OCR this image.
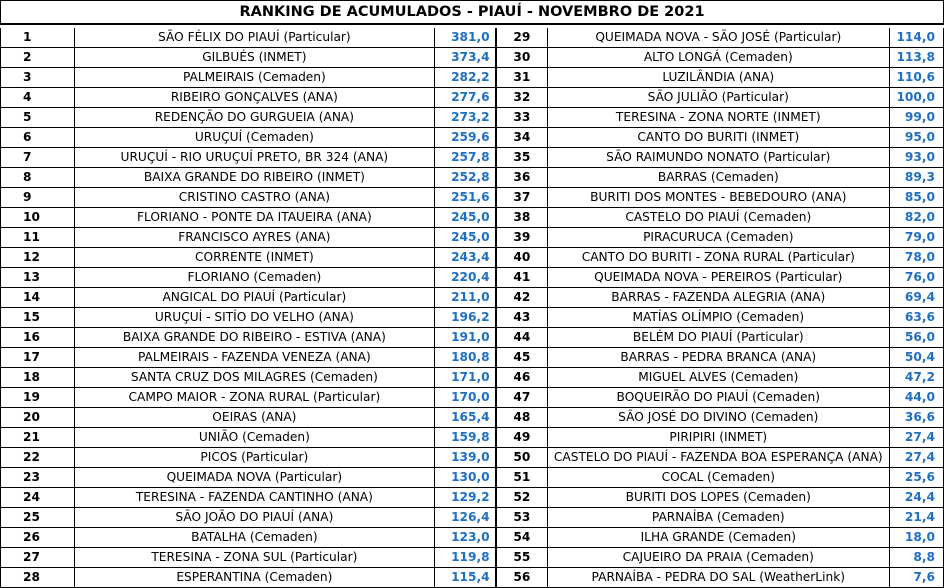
RANKING DE ACUMULADOS - PIAUÍ - NOVEMBRO DE 2021
1	SÃO FÉLIX DO PIAUÍ (Particular)	381,0	29	QUEIMADA NOVA - SÃO JOSÉ (Particular)	114,0
2	GILBUÉS (INMET)	373,4	30	ALTO LONGÁ (Cemaden)	113,8
3	PALMEIRAIS (Cemaden)	282,2	31	LUZILÂNDIA (ANA)	110,6
4	RIBEIRO GONÇALVES (ANA)	277,6	32	SÃO JULIÃO (Particular)	100,0
5	REDENÇÃO DO GURGUEIA (ANA)	273,2	33	TERESINA - ZONA NORTE (INMET)	99,0
6	URUÇUÍ (Cemaden)	259,6	34	CANTO DO BURITI (INMET)	95,0
7	URUÇUÍ - RIO URUÇUÍ PRETO, BR 324 (ANA)	257,8	35	SÃO RAIMUNDO NONATO (Particular)	93,0
8	BAIXA GRANDE DO RIBEIRO (INMET)	252,8	36	BARRAS (Cemaden)	89,3
9	CRISTINO CASTRO (ANA)	251,6	37	BURITI DOS MONTES - BEBEDOURO (ANA)	85,0
10	FLORIANO - PONTE DA ITAUEIRA (ANA)	245,0	38	CASTELO DO PIAUÍ (Cemaden)	82,0
11	FRANCISCO AYRES (ANA)	245,0	39	PIRACURUCA (Cemaden)	79,0
12	CORRENTE (INMET)	243,4	40	CANTO DO BURITI - ZONA RURAL (Particular)	78,0
13	FLORIANO (Cemaden)	220,4	41	QUEIMADA NOVA - PEREIROS (Particular)	76,0
14	ANGICAL DO PIAUÍ (Particular)	211,0	42	BARRAS - FAZENDA ALEGRIA (ANA)	69,4
15	URUÇUÍ - SITÍO DO VELHO (ANA)	196,2	43	MATÍAS OLÍMPIO (Cemaden)	63,6
16	BAIXA GRANDE DO RIBEIRO - ESTIVA (ANA)	191,0	44	BELÉM DO PIAUÍ (Particular)	56,0
17	PALMEIRAIS - FAZENDA VENEZA (ANA)	180,8	45	BARRAS - PEDRA BRANCA (ANA)	50,4
18	SANTA CRUZ DOS MILAGRES (Cemaden)	171,0	46	MIGUEL ALVES (Cemaden)	47,2
19	CAMPO MAIOR - ZONA RURAL (Particular)	170,0	47	BOQUEIRÃO DO PIAUÍ (Cemaden)	44,0
20	OEIRAS (ANA)	165,4	48	SÃO JOSÉ DO DIVINO (Cemaden)	36,6
21	UNIÃO (Cemaden)	159,8	49	PIRIPIRI (INMET)	27,4
22	PICOS (Particular)	139,0	50	CASTELO DO PIAUÍ - FAZENDA BOA ESPERANÇA (ANA)	27,4
23	QUEIMADA NOVA (Particular)	130,0	51	COCAL (Cemaden)	25,6
24	TERESINA - FAZENDA CANTINHO (ANA)	129,2	52	BURITI DOS LOPES (Cemaden)	24,4
25	SÃO JOÃO DO PIAUÍ (ANA)	126,4	53	PARNAÍBA (Cemaden)	21,4
26	BATALHA (Cemaden)	123,0	54	ILHA GRANDE (Cemaden)	18,0
27	TERESINA - ZONA SUL (Particular)	119,8	55	CAJUEIRO DA PRAIA (Cemaden)	8,8
28	ESPERANTINA (Cemaden)	115,4	56	PARNAÍBA - PEDRA DO SAL (WeatherLink)	7,6
